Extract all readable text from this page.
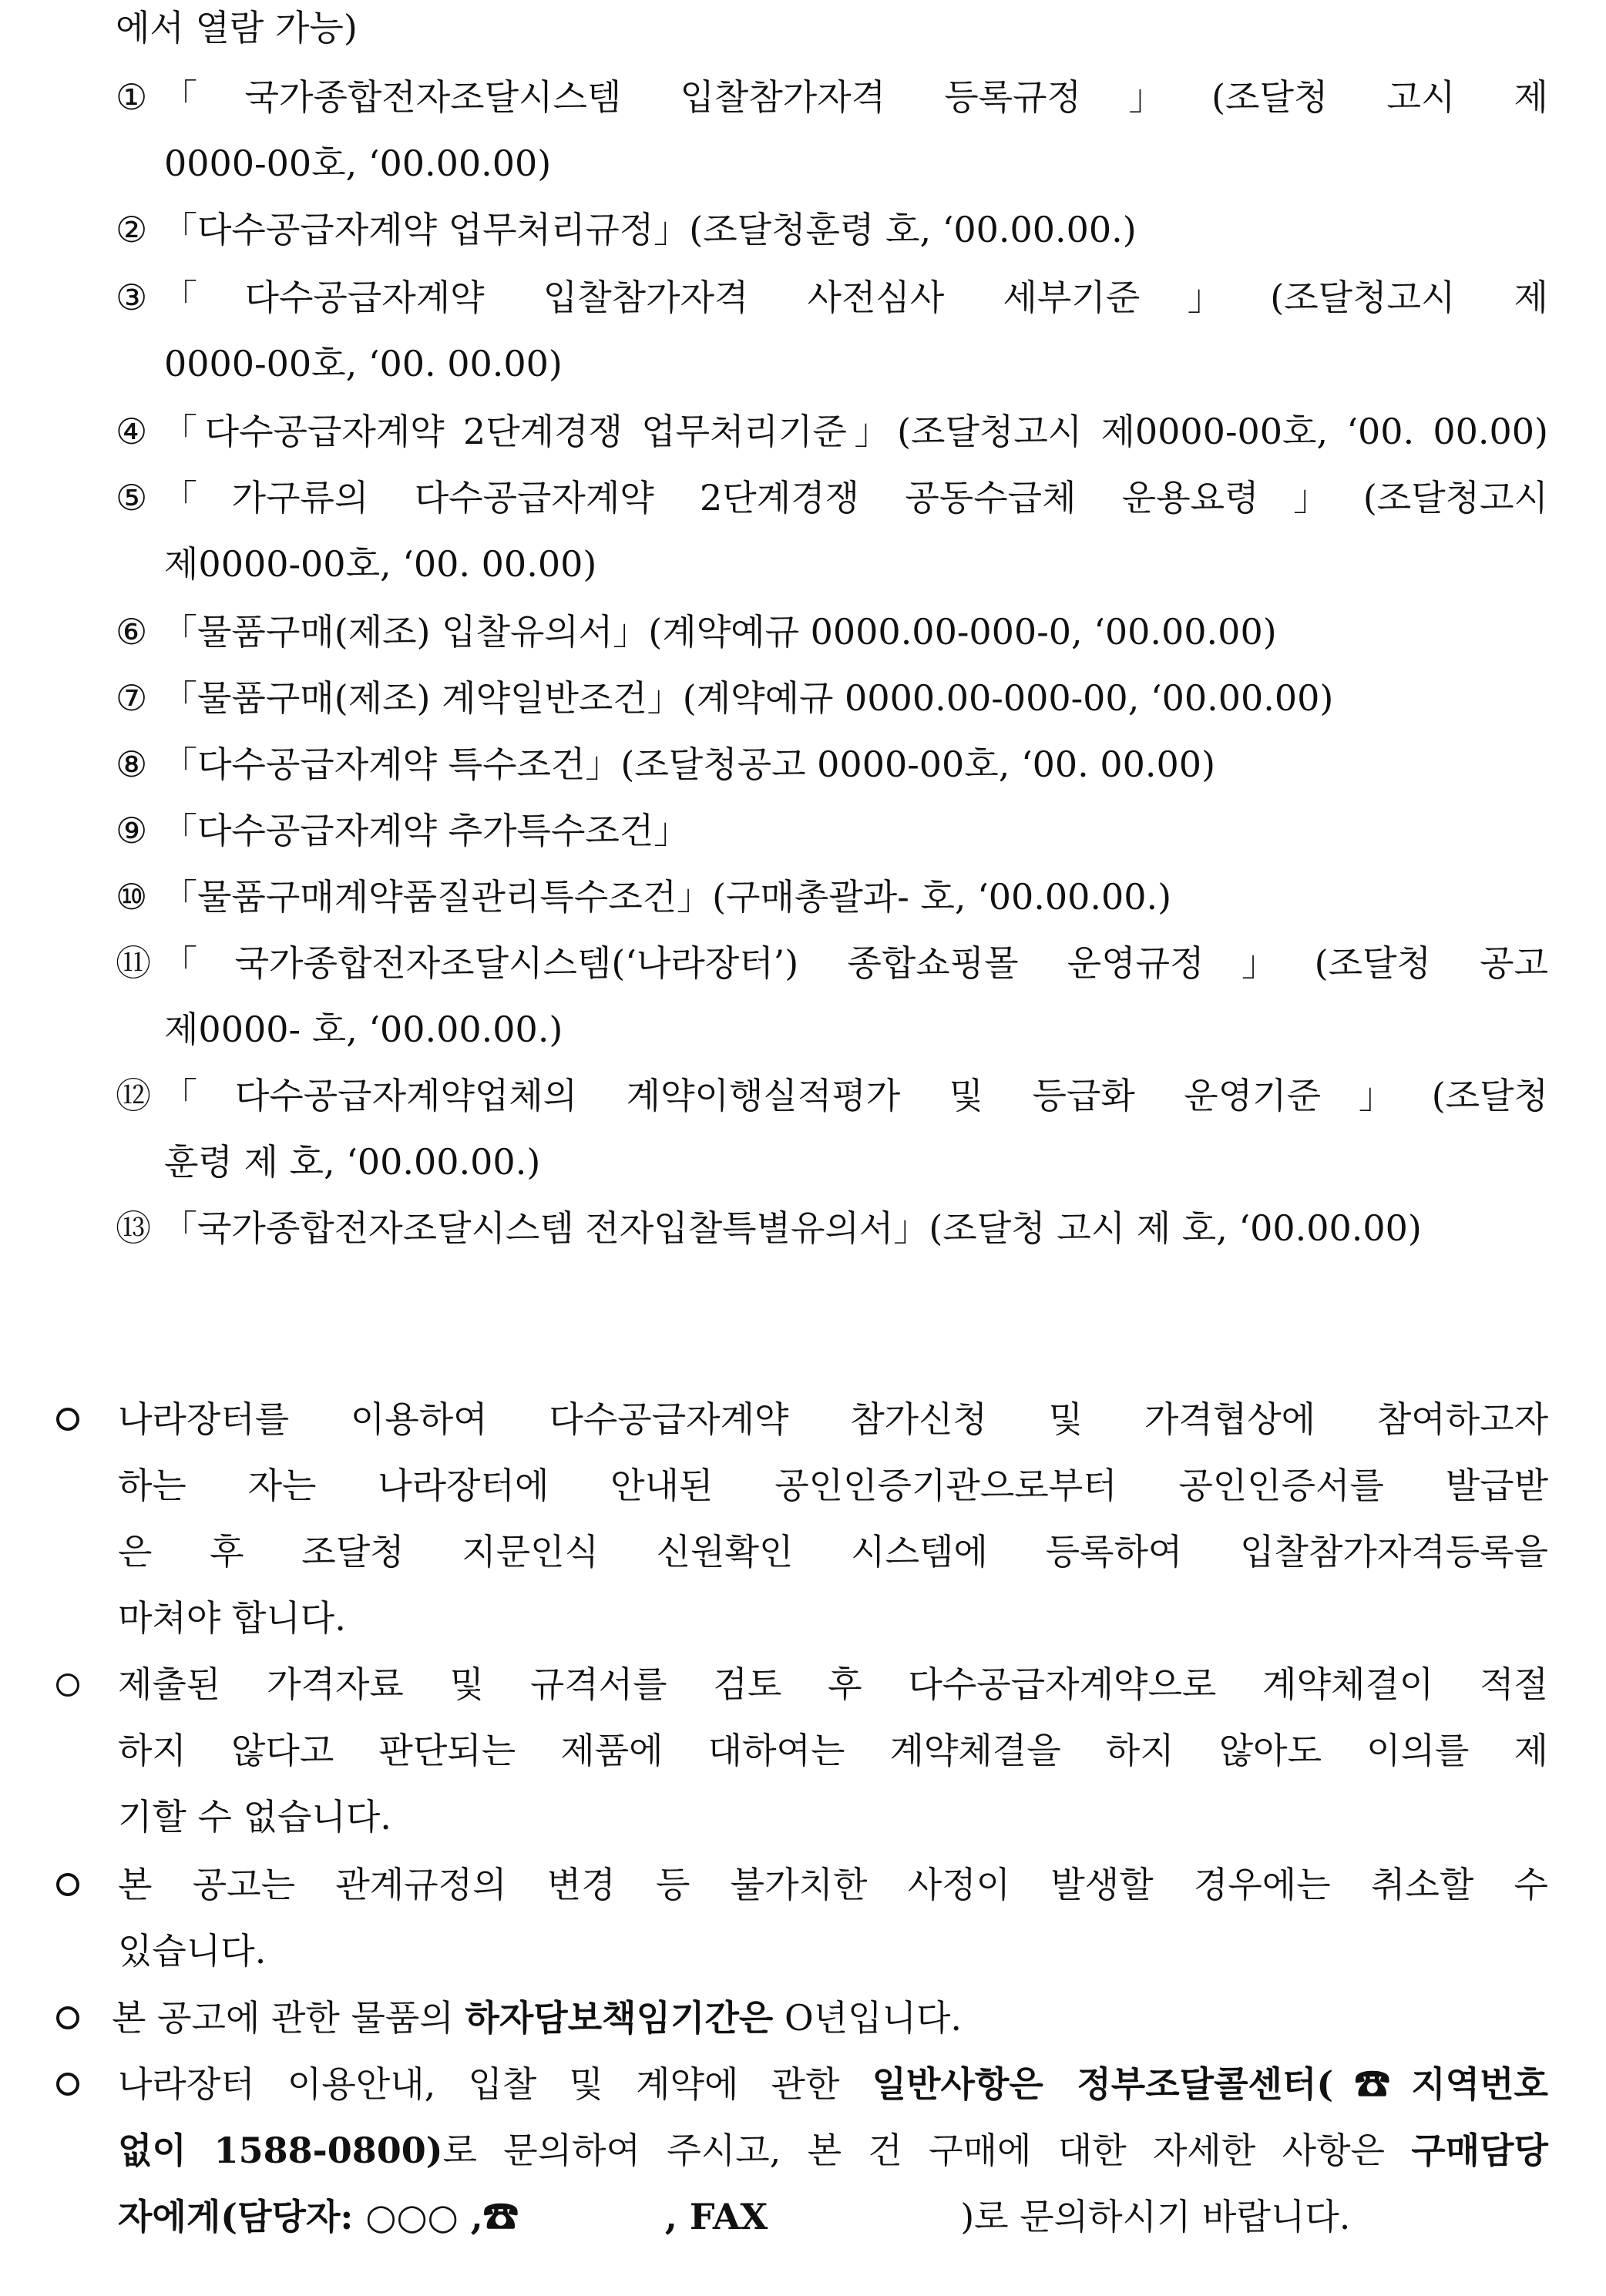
에서 열람 가능)
① 「국가종합전자조달시스템 입찰참가자격 등록규정」(조달청 고시 제
0000-00호, ‘00.00.00)
② 「다수공급자계약 업무처리규정」(조달청훈령 호, ‘00.00.00.)
③ 「다수공급자계약 입찰참가자격 사전심사 세부기준」(조달청고시 제
0000-00호, ‘00. 00.00)
④ 「다수공급자계약 2단계경쟁 업무처리기준」(조달청고시 제0000-00호, ‘00. 00.00)
⑤ 「가구류의 다수공급자계약 2단계경쟁 공동수급체 운용요령」(조달청고시
제0000-00호, ‘00. 00.00)
⑥ 「물품구매(제조) 입찰유의서」(계약예규 0000.00-000-0, ‘00.00.00)
⑦ 「물품구매(제조) 계약일반조건」(계약예규 0000.00-000-00, ‘00.00.00)
⑧ 「다수공급자계약 특수조건」(조달청공고 0000-00호, ‘00. 00.00)
⑨ 「다수공급자계약 추가특수조건」
⑩ 「물품구매계약품질관리특수조건」(구매총괄과- 호, ‘00.00.00.)
⑪ 「국가종합전자조달시스템(‘나라장터’) 종합쇼핑몰 운영규정」(조달청 공고
제0000- 호, ‘00.00.00.)
⑫ 「다수공급자계약업체의 계약이행실적평가 및 등급화 운영기준」(조달청
훈령 제 호, ‘00.00.00.)
⑬ 「국가종합전자조달시스템 전자입찰특별유의서」(조달청 고시 제 호, ‘00.00.00)
나라장터를 이용하여 다수공급자계약 참가신청 및 가격협상에 참여하고자
하는 자는 나라장터에 안내된 공인인증기관으로부터 공인인증서를 발급받
은 후 조달청 지문인식 신원확인 시스템에 등록하여 입찰참가자격등록을
마쳐야 합니다.
제출된 가격자료 및 규격서를 검토 후 다수공급자계약으로 계약체결이 적절
하지 않다고 판단되는 제품에 대하여는 계약체결을 하지 않아도 이의를 제
기할 수 없습니다.
본 공고는 관계규정의 변경 등 불가치한 사정이 발생할 경우에는 취소할 수
있습니다.
본 공고에 관한 물품의 하자담보책임기간은 O년입니다.
나라장터 이용안내, 입찰 및 계약에 관한 일반사항은 정부조달콜센터(☎지역번호
없이 1588-0800)로 문의하여 주시고, 본 건 구매에 대한 자세한 사항은 구매담당
자에게(담당자: ○○○ ,☎	, FAX	)로 문의하시기 바랍니다.
